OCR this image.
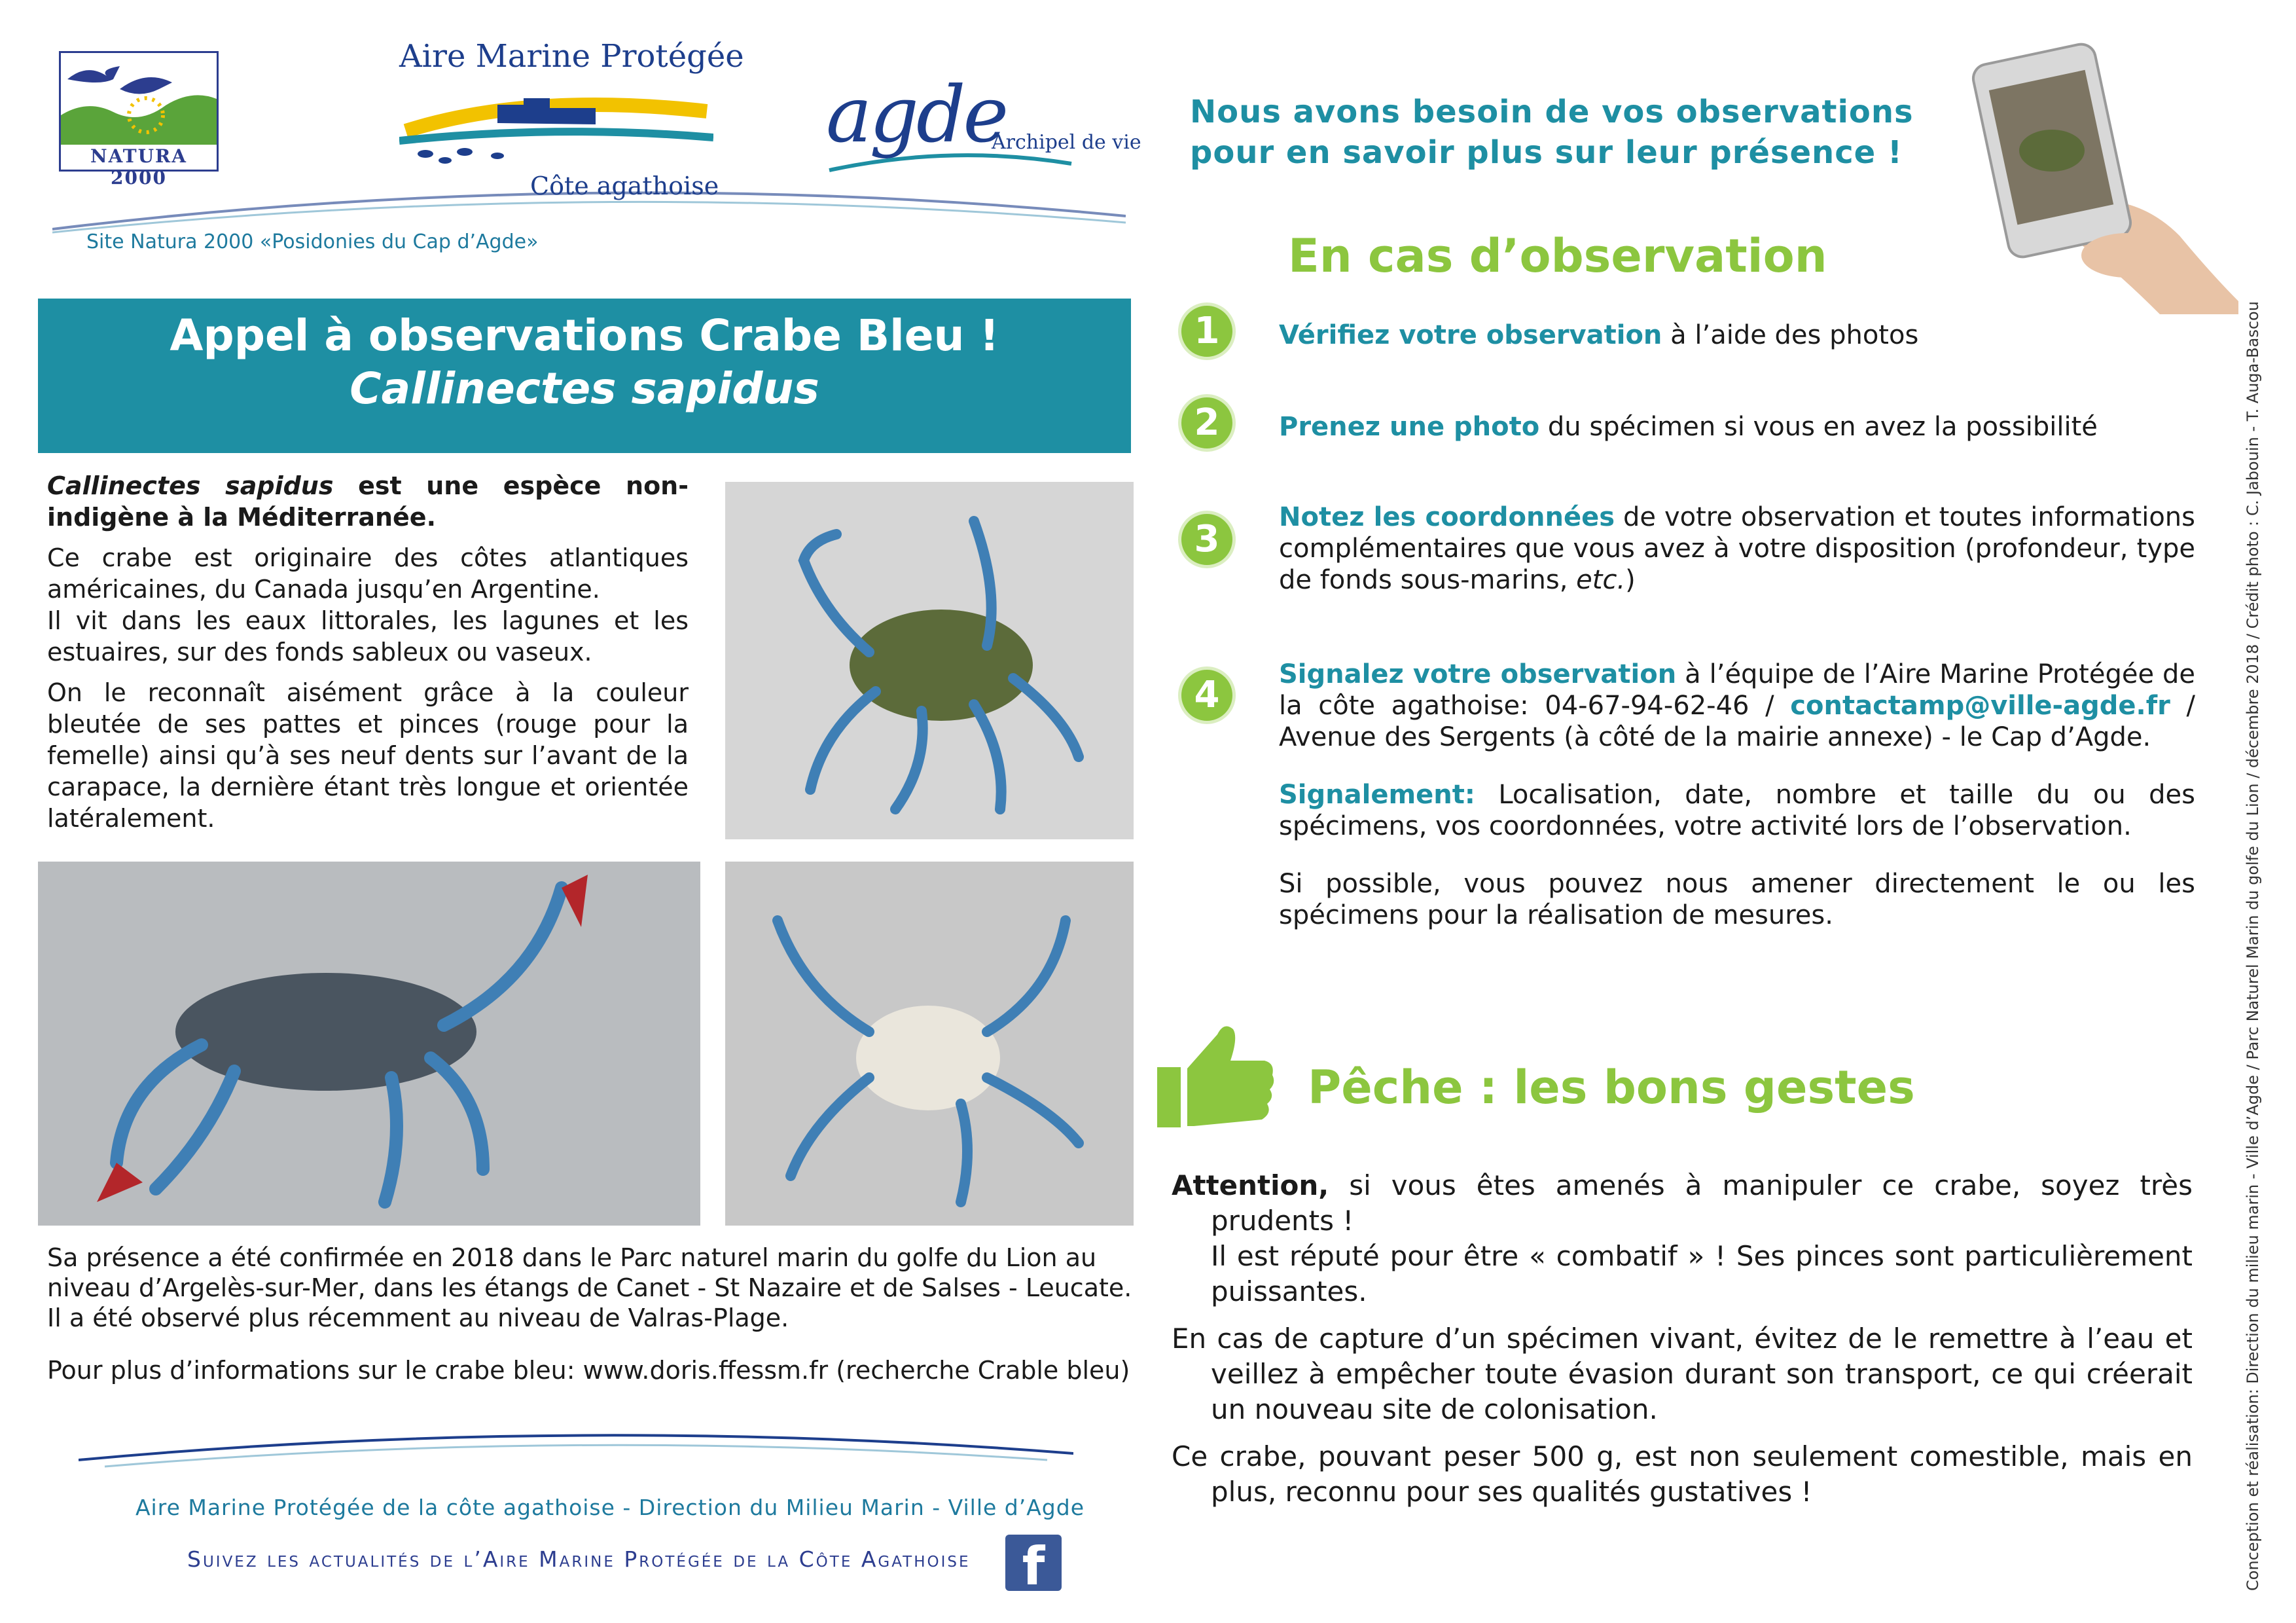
NATURA 2000
Aire Marine Protégée
Côte agathoise
agde
Archipel de vie
Site Natura 2000 «Posidonies du Cap d’Agde»
Appel à observations Crabe Bleu !
Callinectes sapidus

Callinectes sapidus est une espèce non-indigène à la Méditerranée.

Ce crabe est originaire des côtes atlantiques américaines, du Canada jusqu’en Argentine.
Il vit dans les eaux littorales, les lagunes et les estuaires, sur des fonds sableux ou vaseux.

On le reconnaît aisément grâce à la couleur bleutée de ses pattes et pinces (rouge pour la femelle) ainsi qu’à ses neuf dents sur l’avant de la carapace, la dernière étant très longue et orientée latéralement.

Sa présence a été confirmée en 2018 dans le Parc naturel marin du golfe du Lion au niveau d’Argelès-sur-Mer, dans les étangs de Canet - St Nazaire et de Salses - Leucate. Il a été observé plus récemment au niveau de Valras-Plage.

Pour plus d’informations sur le crabe bleu: www.doris.ffessm.fr (recherche Crable bleu)

Aire Marine Protégée de la côte agathoise - Direction du Milieu Marin - Ville d’Agde
Suivez les actualités de l’Aire Marine Protégée de la Côte Agathoise f
Nous avons besoin de vos observations pour en savoir plus sur leur présence !
En cas d’observation
1	Vérifiez votre observation à l’aide des photos
2	Prenez une photo du spécimen si vous en avez la possibilité
3
Notez les coordonnées de votre observation et toutes informations complémentaires que vous avez à votre disposition (profondeur, type de fonds sous-marins, etc.)
4	Signalez votre observation à l’équipe de l’Aire Marine Protégée de la côte agathoise: 04-67-94-62-46 / contactamp@ville-agde.fr / Avenue des Sergents (à côté de la mairie annexe) - le Cap d’Agde.

Signalement: Localisation, date, nombre et taille du ou des spécimens, vos coordonnées, votre activité lors de l’observation.

Si possible, vous pouvez nous amener directement le ou les spécimens pour la réalisation de mesures.

Pêche : les bons gestes

Attention, si vous êtes amenés à manipuler ce crabe, soyez très prudents !
Il est réputé pour être « combatif » ! Ses pinces sont particulièrement puissantes.

En cas de capture d’un spécimen vivant, évitez de le remettre à l’eau et veillez à empêcher toute évasion durant son transport, ce qui créerait un nouveau site de colonisation.

Ce crabe, pouvant peser 500 g, est non seulement comestible, mais en plus, reconnu pour ses qualités gustatives !	Conception et réalisation: Direction du milieu marin - Ville d’Agde / Parc Naturel Marin du golfe du Lion / décembre 2018 / Crédit photo : C. Jabouin - T. Auga-Bascou
